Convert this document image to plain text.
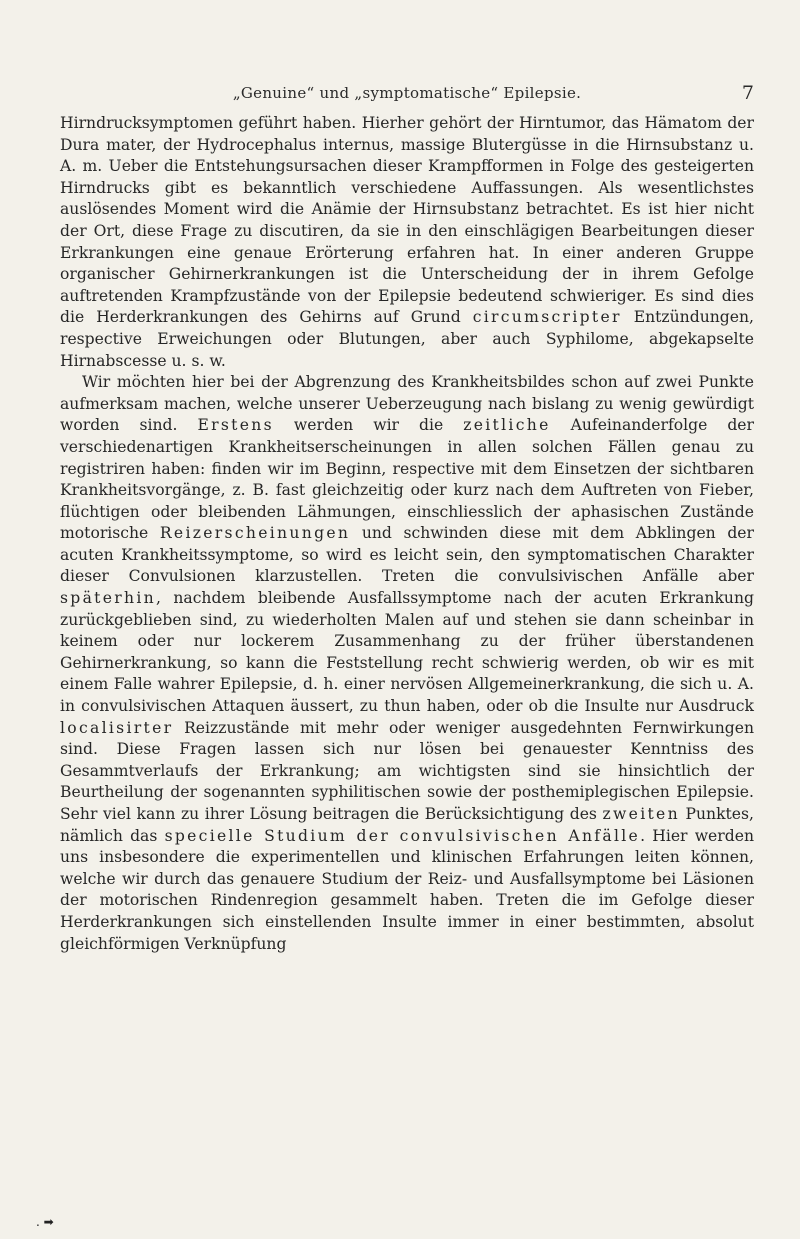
„Genuine“ und „symptomatische“ Epilepsie.	7

Hirndrucksymptomen geführt haben. Hierher gehört der Hirntumor, das Hämatom der Dura mater, der Hydrocephalus internus, massige Blutergüsse in die Hirnsubstanz u. A. m. Ueber die Entstehungsursachen dieser Krampfformen in Folge des gesteigerten Hirndrucks gibt es bekanntlich verschiedene Auffassungen. Als wesentlichstes auslösendes Moment wird die Anämie der Hirnsubstanz betrachtet. Es ist hier nicht der Ort, diese Frage zu discutiren, da sie in den einschlägigen Bearbeitungen dieser Erkrankungen eine genaue Erörterung erfahren hat. In einer anderen Gruppe organischer Gehirnerkrankungen ist die Unterscheidung der in ihrem Gefolge auftretenden Krampfzustände von der Epilepsie bedeutend schwieriger. Es sind dies die Herderkrankungen des Gehirns auf Grund circumscripter Entzündungen, respective Erweichungen oder Blutungen, aber auch Syphilome, abgekapselte Hirnabscesse u. s. w.

Wir möchten hier bei der Abgrenzung des Krankheitsbildes schon auf zwei Punkte aufmerksam machen, welche unserer Ueberzeugung nach bislang zu wenig gewürdigt worden sind. Erstens werden wir die zeitliche Aufeinanderfolge der verschiedenartigen Krankheitserscheinungen in allen solchen Fällen genau zu registriren haben: finden wir im Beginn, respective mit dem Einsetzen der sichtbaren Krankheitsvorgänge, z. B. fast gleichzeitig oder kurz nach dem Auftreten von Fieber, flüchtigen oder bleibenden Lähmungen, einschliesslich der aphasischen Zustände motorische Reizerscheinungen und schwinden diese mit dem Abklingen der acuten Krankheitssymptome, so wird es leicht sein, den symptomatischen Charakter dieser Convulsionen klarzustellen. Treten die convulsivischen Anfälle aber späterhin, nachdem bleibende Ausfallssymptome nach der acuten Erkrankung zurückgeblieben sind, zu wiederholten Malen auf und stehen sie dann scheinbar in keinem oder nur lockerem Zusammenhang zu der früher überstandenen Gehirnerkrankung, so kann die Feststellung recht schwierig werden, ob wir es mit einem Falle wahrer Epilepsie, d. h. einer nervösen Allgemeinerkrankung, die sich u. A. in convulsivischen Attaquen äussert, zu thun haben, oder ob die Insulte nur Ausdruck localisirter Reizzustände mit mehr oder weniger ausgedehnten Fernwirkungen sind. Diese Fragen lassen sich nur lösen bei genauester Kenntniss des Gesammtverlaufs der Erkrankung; am wichtigsten sind sie hinsichtlich der Beurtheilung der sogenannten syphilitischen sowie der posthemiplegischen Epilepsie. Sehr viel kann zu ihrer Lösung beitragen die Berücksichtigung des zweiten Punktes, nämlich das specielle Studium der convulsivischen Anfälle. Hier werden uns insbesondere die experimentellen und klinischen Erfahrungen leiten können, welche wir durch das genauere Studium der Reiz- und Ausfallsymptome bei Läsionen der motorischen Rindenregion gesammelt haben. Treten die im Gefolge dieser Herderkrankungen sich einstellenden Insulte immer in einer bestimmten, absolut gleichförmigen Verknüpfung

. ➡
